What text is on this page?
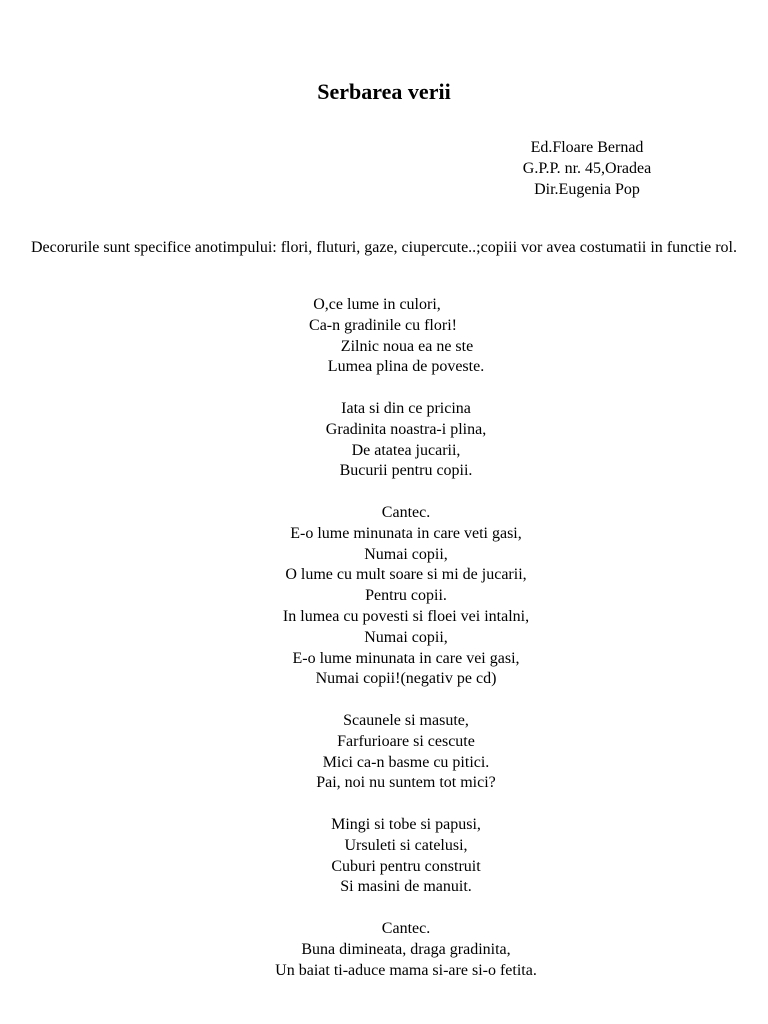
Serbarea verii
Ed.Floare Bernad
G.P.P. nr. 45,Oradea
Dir.Eugenia Pop
Decorurile sunt specifice anotimpului: flori, fluturi, gaze, ciupercute..;copiii vor avea costumatii in functie rol.
O,ce lume in culori,
Ca-n gradinile cu flori!
Zilnic noua ea ne ste
Lumea plina de poveste.
Iata si din ce pricina
Gradinita noastra-i plina,
De atatea jucarii,
Bucurii pentru copii.
Cantec.
E-o lume minunata in care veti gasi,
Numai copii,
O lume cu mult soare si mi de jucarii,
Pentru copii.
In lumea cu povesti si floei vei intalni,
Numai copii,
E-o lume minunata in care vei gasi,
Numai copii!(negativ pe cd)
Scaunele si masute,
Farfurioare si cescute
Mici ca-n basme cu pitici.
Pai, noi nu suntem tot mici?
Mingi si tobe si papusi,
Ursuleti si catelusi,
Cuburi pentru construit
Si masini de manuit.
Cantec.
Buna dimineata, draga gradinita,
Un baiat ti-aduce mama si-are si-o fetita.
